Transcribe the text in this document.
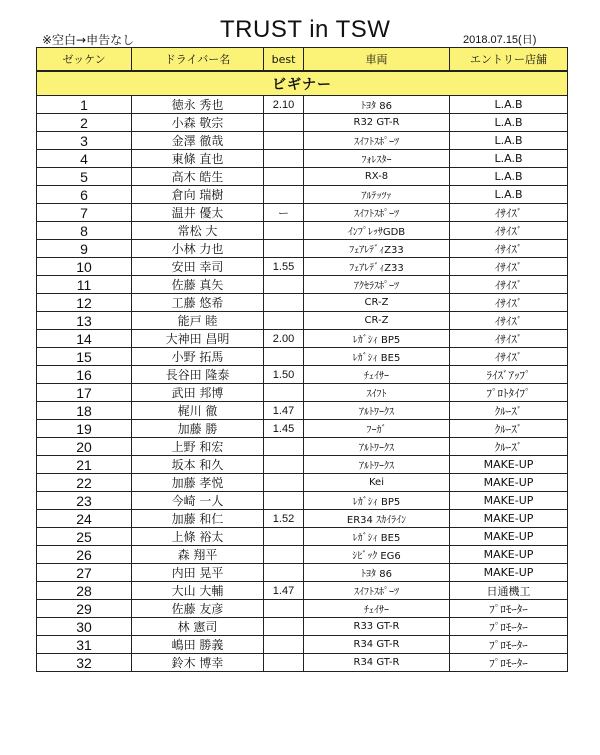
※空白→申告なし	TRUST in TSW	2018.07.15(日)
ゼッケン	ドライバー名	best	車両	エントリー店舗
ビギナー				
1	徳永 秀也	2.10	ﾄﾖﾀ 86	L.A.B
2	小森 敬宗		R32 GT-R	L.A.B
3	金澤 徹哉		ｽｲﾌﾄｽﾎﾟｰﾂ	L.A.B
4	東條 直也		ﾌｫﾚｽﾀｰ	L.A.B
5	高木 皓生		RX-8	L.A.B
6	倉向 瑞樹		ｱﾙﾃｯﾂｧ	L.A.B
7	温井 優太	ー	ｽｲﾌﾄｽﾎﾟｰﾂ	ｲｻｲｽﾞ
8	常松 大		ｲﾝﾌﾟﾚｯｻGDB	ｲｻｲｽﾞ
9	小林 力也		ﾌｪｱﾚﾃﾞｨZ33	ｲｻｲｽﾞ
10	安田 幸司	1.55	ﾌｪｱﾚﾃﾞｨZ33	ｲｻｲｽﾞ
11	佐藤 真矢		ｱｸｾﾗｽﾎﾟｰﾂ	ｲｻｲｽﾞ
12	工藤 悠希		CR-Z	ｲｻｲｽﾞ
13	能戸 睦		CR-Z	ｲｻｲｽﾞ
14	大神田 昌明	2.00	ﾚｶﾞｼｨ BP5	ｲｻｲｽﾞ
15	小野 拓馬		ﾚｶﾞｼｨ BE5	ｲｻｲｽﾞ
16	長谷田 隆泰	1.50	ﾁｪｲｻｰ	ﾗｲｽﾞｱｯﾌﾟ
17	武田 邦博		ｽｲﾌﾄ	ﾌﾟﾛﾄﾀｲﾌﾟ
18	梶川 徹	1.47	ｱﾙﾄﾜｰｸｽ	ｸﾙｰｽﾞ
19	加藤 勝	1.45	ﾌｰｶﾞ	ｸﾙｰｽﾞ
20	上野 和宏		ｱﾙﾄﾜｰｸｽ	ｸﾙｰｽﾞ
21	坂本 和久		ｱﾙﾄﾜｰｸｽ	MAKE-UP
22	加藤 孝悦		Kei	MAKE-UP
23	今崎 一人		ﾚｶﾞｼｨ BP5	MAKE-UP
24	加藤 和仁	1.52	ER34 ｽｶｲﾗｲﾝ	MAKE-UP
25	上條 裕太		ﾚｶﾞｼｨ BE5	MAKE-UP
26	森 翔平		ｼﾋﾞｯｸ EG6	MAKE-UP
27	内田 晃平		ﾄﾖﾀ 86	MAKE-UP
28	大山 大輔	1.47	ｽｲﾌﾄｽﾎﾟｰﾂ	日通機工
29	佐藤 友彦		ﾁｪｲｻｰ	ﾌﾟﾛﾓｰﾀｰ
30	林 憲司		R33 GT-R	ﾌﾟﾛﾓｰﾀｰ
31	嶋田 勝義		R34 GT-R	ﾌﾟﾛﾓｰﾀｰ
32	鈴木 博幸		R34 GT-R	ﾌﾟﾛﾓｰﾀｰ
